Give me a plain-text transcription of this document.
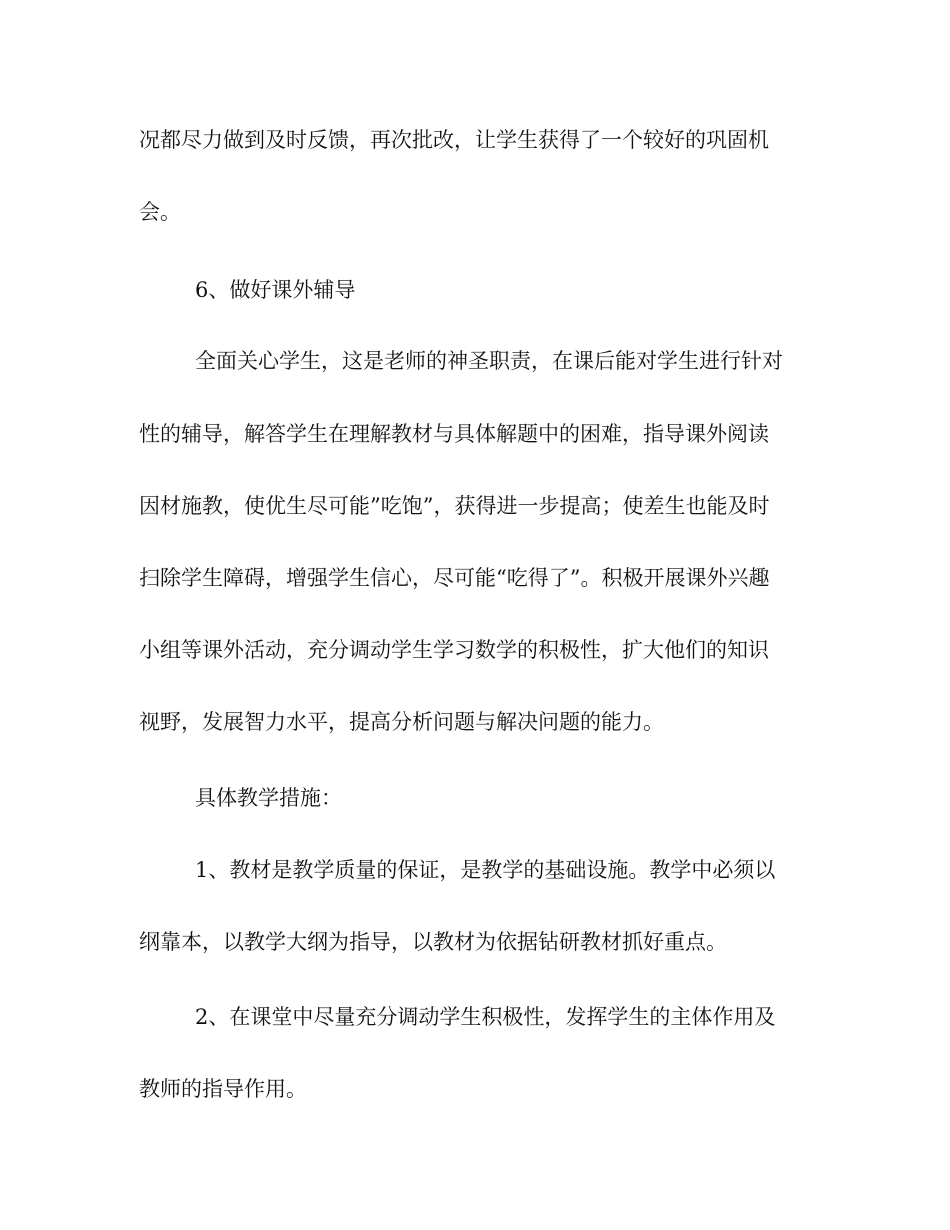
况都尽力做到及时反馈，再次批改，让学生获得了一个较好的巩固机

会。

6、做好课外辅导

全面关心学生，这是老师的神圣职责，在课后能对学生进行针对

性的辅导，解答学生在理解教材与具体解题中的困难，指导课外阅读

因材施教，使优生尽可能”吃饱”，获得进一步提高；使差生也能及时

扫除学生障碍，增强学生信心，尽可能“吃得了”。积极开展课外兴趣

小组等课外活动，充分调动学生学习数学的积极性，扩大他们的知识

视野，发展智力水平，提高分析问题与解决问题的能力。

具体教学措施：

1、教材是教学质量的保证，是教学的基础设施。教学中必须以

纲靠本，以教学大纲为指导，以教材为依据钻研教材抓好重点。

2、在课堂中尽量充分调动学生积极性，发挥学生的主体作用及

教师的指导作用。
